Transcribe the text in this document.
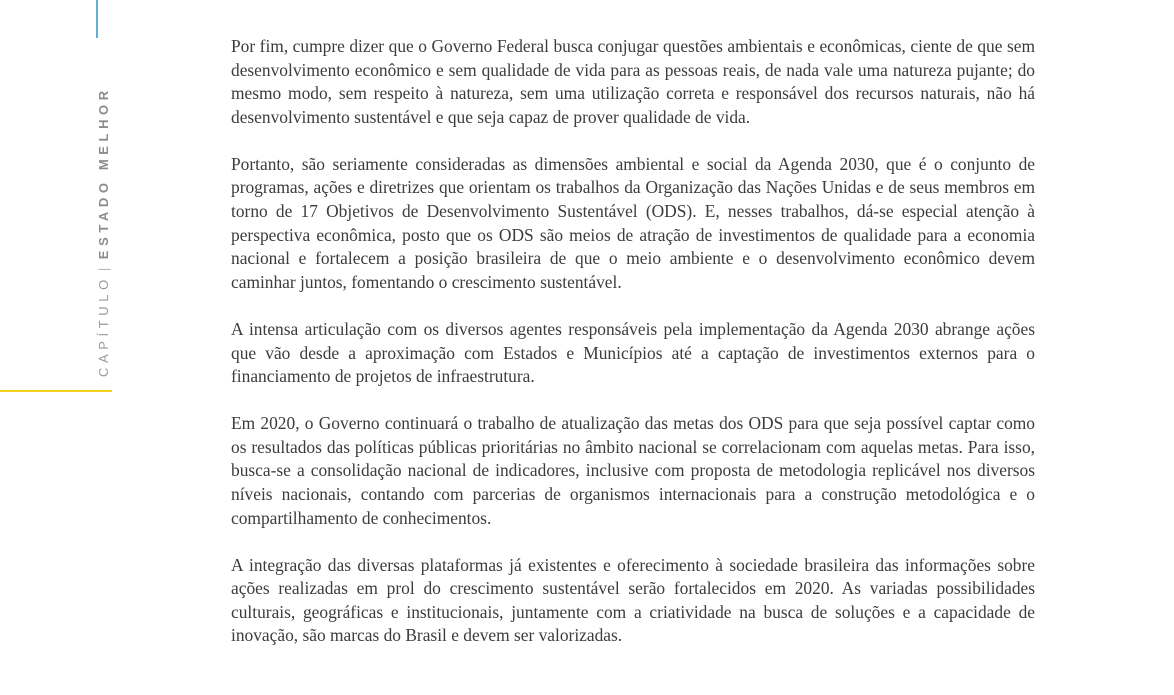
CAPÍTULO|ESTADO MELHOR

Por fim, cumpre dizer que o Governo Federal busca conjugar questões ambientais e econômicas, ciente de que sem desenvolvimento econômico e sem qualidade de vida para as pessoas reais, de nada vale uma natureza pujante; do mesmo modo, sem respeito à natureza, sem uma utilização correta e responsável dos recursos naturais, não há desenvolvimento sustentável e que seja capaz de prover qualidade de vida.

Portanto, são seriamente consideradas as dimensões ambiental e social da Agenda 2030, que é o conjunto de programas, ações e diretrizes que orientam os trabalhos da Organização das Nações Unidas e de seus membros em torno de 17 Objetivos de Desenvolvimento Sustentável (ODS). E, nesses trabalhos, dá-se especial atenção à perspectiva econômica, posto que os ODS são meios de atração de investimentos de qualidade para a economia nacional e fortalecem a posição brasileira de que o meio ambiente e o desenvolvimento econômico devem caminhar juntos, fomentando o crescimento sustentável.

A intensa articulação com os diversos agentes responsáveis pela implementação da Agenda 2030 abrange ações que vão desde a aproximação com Estados e Municípios até a captação de investimentos externos para o financiamento de projetos de infraestrutura.

Em 2020, o Governo continuará o trabalho de atualização das metas dos ODS para que seja possível captar como os resultados das políticas públicas prioritárias no âmbito nacional se correlacionam com aquelas metas. Para isso, busca-se a consolidação nacional de indicadores, inclusive com proposta de metodologia replicável nos diversos níveis nacionais, contando com parcerias de organismos internacionais para a construção metodológica e o compartilhamento de conhecimentos.

A integração das diversas plataformas já existentes e oferecimento à sociedade brasileira das informações sobre ações realizadas em prol do crescimento sustentável serão fortalecidos em 2020. As variadas possibilidades culturais, geográficas e institucionais, juntamente com a criatividade na busca de soluções e a capacidade de inovação, são marcas do Brasil e devem ser valorizadas.
